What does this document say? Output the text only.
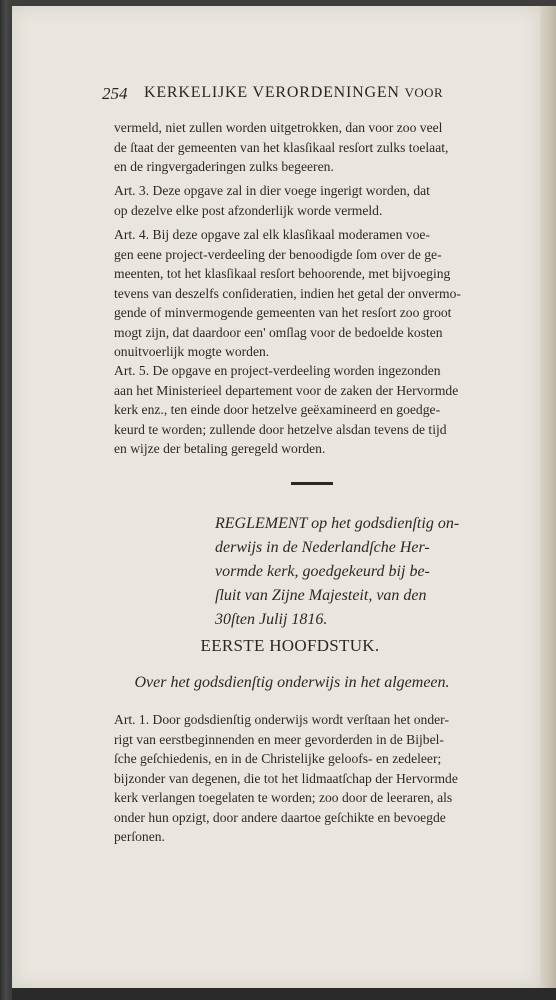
254 KERKELIJKE VERORDENINGEN VOOR
vermeld, niet zullen worden uitgetrokken, dan voor zoo veel
de ſtaat der gemeenten van het klasſikaal resſort zulks toelaat,
en de ringvergaderingen zulks begeeren.
Art. 3. Deze opgave zal in dier voege ingerigt worden, dat
op dezelve elke post afzonderlijk worde vermeld.
Art. 4. Bij deze opgave zal elk klasſikaal moderamen voe-
gen eene project-verdeeling der benoodigde ſom over de ge-
meenten, tot het klasſikaal resſort behoorende, met bijvoeging
tevens van deszelfs conſideratien, indien het getal der onvermo-
gende of minvermogende gemeenten van het resſort zoo groot
mogt zijn, dat daardoor een' omſlag voor de bedoelde kosten
onuitvoerlijk mogte worden.
Art. 5. De opgave en project-verdeeling worden ingezonden
aan het Ministerieel departement voor de zaken der Hervormde
kerk enz., ten einde door hetzelve geëxamineerd en goedge-
keurd te worden; zullende door hetzelve alsdan tevens de tijd
en wijze der betaling geregeld worden.
REGLEMENT op het godsdienſtig on-
derwijs in de Nederlandſche Her-
vormde kerk, goedgekeurd bij be-
ſluit van Zijne Majesteit, van den
30ſten Julij 1816.
EERSTE HOOFDSTUK.
Over het godsdienſtig onderwijs in het algemeen.
Art. 1. Door godsdienſtig onderwijs wordt verſtaan het onder-
rigt van eerstbeginnenden en meer gevorderden in de Bijbel-
ſche geſchiedenis, en in de Christelijke geloofs- en zedeleer;
bijzonder van degenen, die tot het lidmaatſchap der Hervormde
kerk verlangen toegelaten te worden; zoo door de leeraren, als
onder hun opzigt, door andere daartoe geſchikte en bevoegde
perſonen.
